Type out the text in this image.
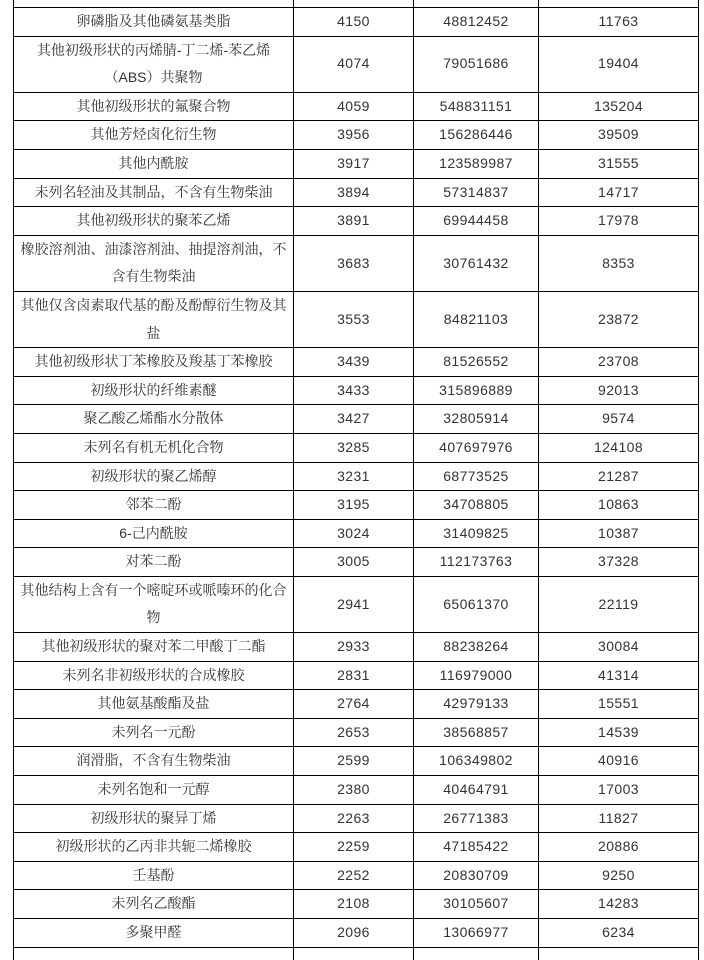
卵磷脂及其他磷氨基类脂	4150	48812452	11763
其他初级形状的丙烯腈-丁二烯-苯乙烯（ABS）共聚物	4074	79051686	19404
其他初级形状的氟聚合物	4059	548831151	135204
其他芳烃卤化衍生物	3956	156286446	39509
其他内酰胺	3917	123589987	31555
未列名轻油及其制品，不含有生物柴油	3894	57314837	14717
其他初级形状的聚苯乙烯	3891	69944458	17978
橡胶溶剂油、油漆溶剂油、抽提溶剂油，不含有生物柴油	3683	30761432	8353
其他仅含卤素取代基的酚及酚醇衍生物及其盐	3553	84821103	23872
其他初级形状丁苯橡胶及羧基丁苯橡胶	3439	81526552	23708
初级形状的纤维素醚	3433	315896889	92013
聚乙酸乙烯酯水分散体	3427	32805914	9574
未列名有机无机化合物	3285	407697976	124108
初级形状的聚乙烯醇	3231	68773525	21287
邻苯二酚	3195	34708805	10863
6-己内酰胺	3024	31409825	10387
对苯二酚	3005	112173763	37328
其他结构上含有一个嘧啶环或哌嗪环的化合物	2941	65061370	22119
其他初级形状的聚对苯二甲酸丁二酯	2933	88238264	30084
未列名非初级形状的合成橡胶	2831	116979000	41314
其他氨基酸酯及盐	2764	42979133	15551
未列名一元酚	2653	38568857	14539
润滑脂，不含有生物柴油	2599	106349802	40916
未列名饱和一元醇	2380	40464791	17003
初级形状的聚异丁烯	2263	26771383	11827
初级形状的乙丙非共轭二烯橡胶	2259	47185422	20886
壬基酚	2252	20830709	9250
未列名乙酸酯	2108	30105607	14283
多聚甲醛	2096	13066977	6234
